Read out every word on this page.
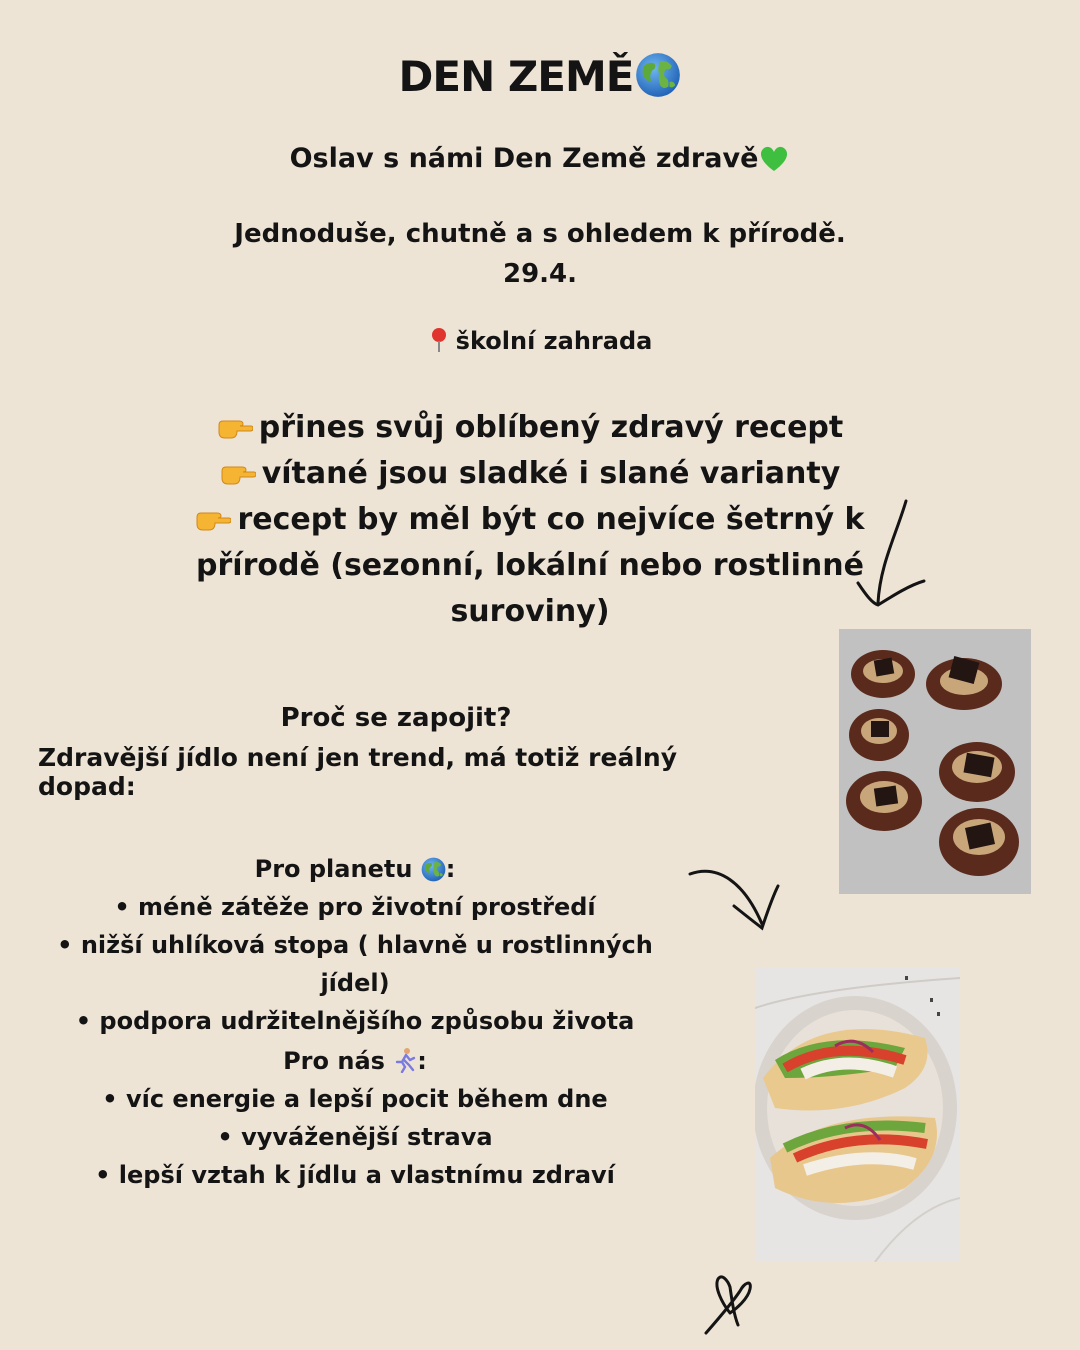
DEN ZEMĚ
Oslav s námi Den Země zdravě
Jednoduše, chutně a s ohledem k přírodě.
29.4.
školní zahrada
přines svůj oblíbený zdravý recept
vítané jsou sladké i slané varianty
recept by měl být co nejvíce šetrný k
přírodě (sezonní, lokální nebo rostlinné
suroviny)
Proč se zapojit?
Zdravější jídlo není jen trend, má totiž reálný dopad:
Pro planetu :
• méně zátěže pro životní prostředí
• nižší uhlíková stopa ( hlavně u rostlinných jídel)
• podpora udržitelnějšího způsobu života
Pro nás :
• víc energie a lepší pocit během dne
• vyváženější strava
• lepší vztah k jídlu a vlastnímu zdraví
